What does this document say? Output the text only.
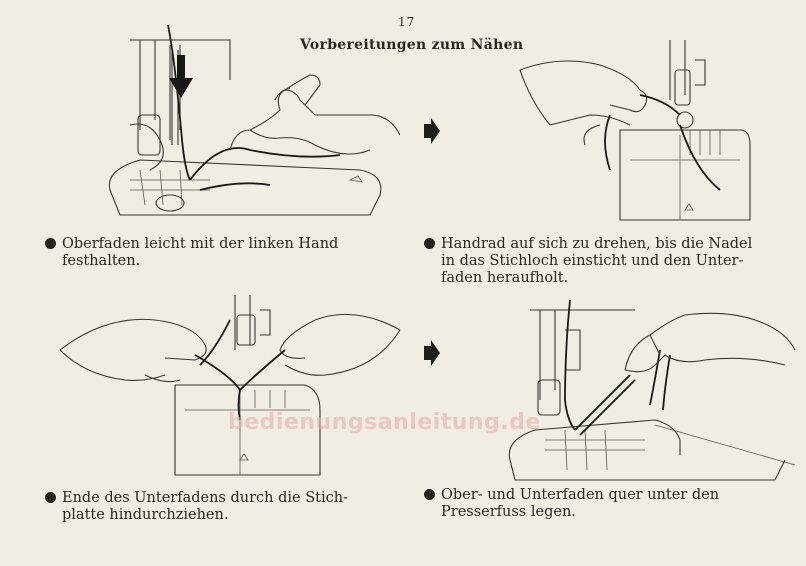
17
Vorbereitungen zum Nähen
Oberfaden leicht mit der linken Hand
festhalten.
Handrad auf sich zu drehen, bis die Nadel
in das Stichloch einsticht und den Unter-
faden heraufholt.
Ende des Unterfadens durch die Stich-
platte hindurchziehen.
Ober- und Unterfaden quer unter den
Presserfuss legen.
bedienungsanleitung.de
